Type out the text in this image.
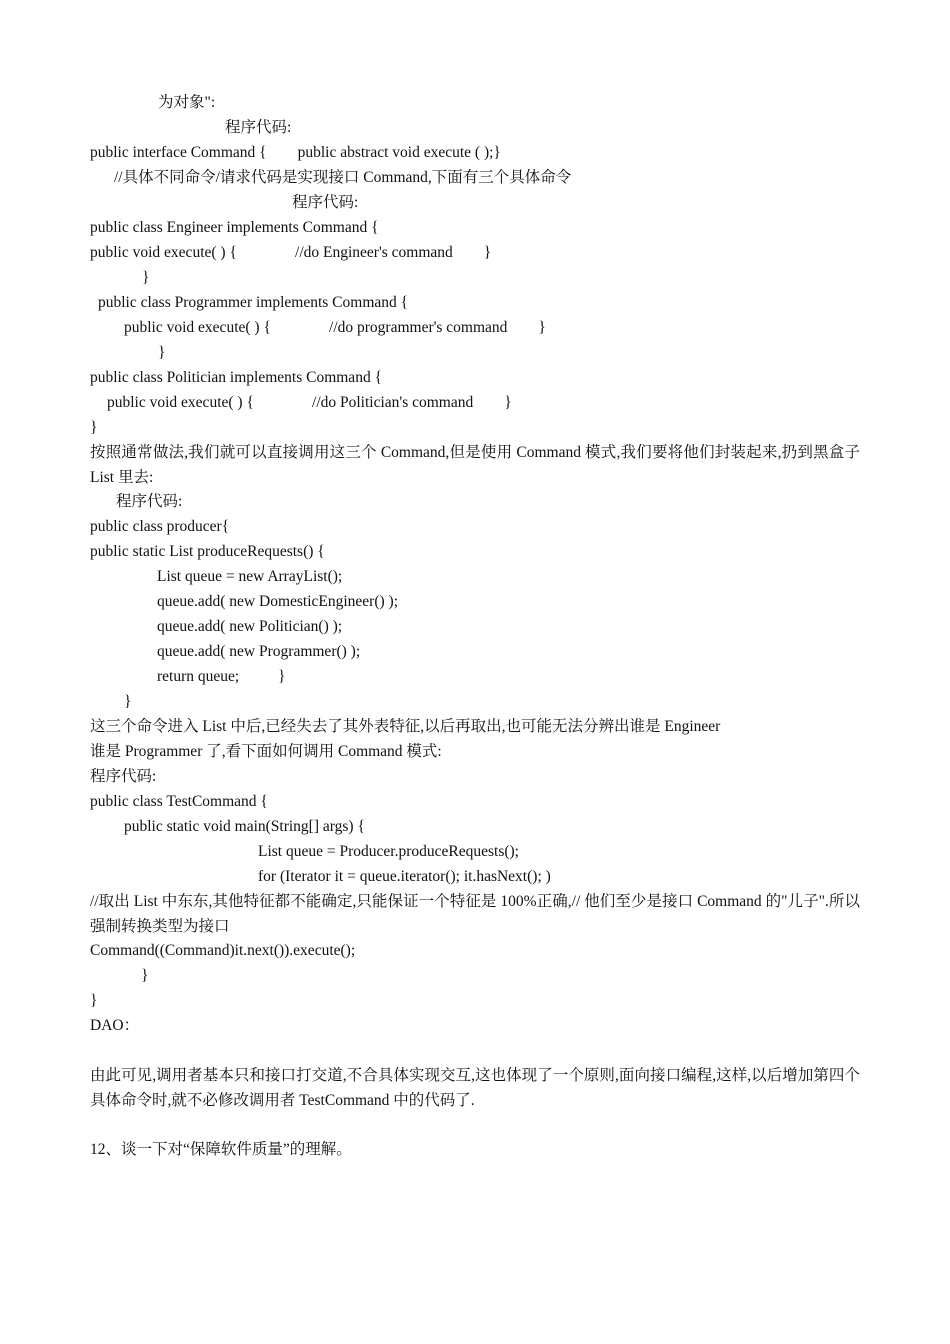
为对象":
程序代码:
public interface Command {        public abstract void execute ( );}
//具体不同命令/请求代码是实现接口 Command,下面有三个具体命令
程序代码:
public class Engineer implements Command {
public void execute( ) {               //do Engineer's command        }
}
public class Programmer implements Command {
public void execute( ) {               //do programmer's command        }
}
public class Politician implements Command {
public void execute( ) {               //do Politician's command        }
}
按照通常做法,我们就可以直接调用这三个 Command,但是使用 Command 模式,我们要将他们封装起来,扔到黑盒子 List 里去:
程序代码:
public class producer{
public static List produceRequests() {
List queue = new ArrayList();
queue.add( new DomesticEngineer() );
queue.add( new Politician() );
queue.add( new Programmer() );
return queue;          }
}
这三个命令进入 List 中后,已经失去了其外表特征,以后再取出,也可能无法分辨出谁是 Engineer
谁是 Programmer 了,看下面如何调用 Command 模式:
程序代码:
public class TestCommand {
public static void main(String[] args) {
List queue = Producer.produceRequests();
for (Iterator it = queue.iterator(); it.hasNext(); )
//取出 List 中东东,其他特征都不能确定,只能保证一个特征是 100%正确,// 他们至少是接口 Command 的"儿子".所以强制转换类型为接口
Command((Command)it.next()).execute();
}
}
DAO：
由此可见,调用者基本只和接口打交道,不合具体实现交互,这也体现了一个原则,面向接口编程,这样,以后增加第四个具体命令时,就不必修改调用者 TestCommand 中的代码了.
12、谈一下对“保障软件质量”的理解。
